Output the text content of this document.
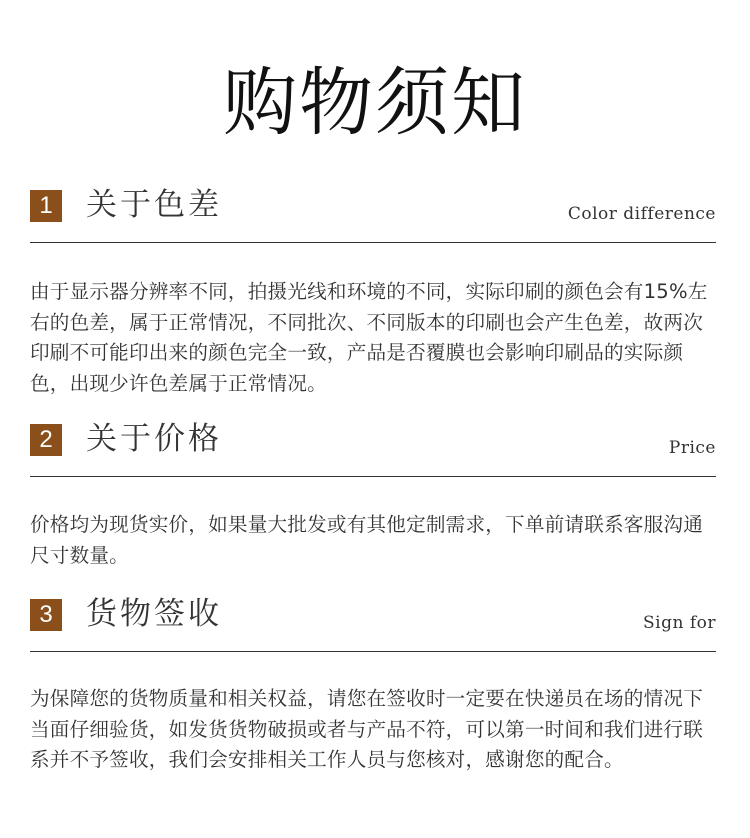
购物须知
1	关于色差	Color difference
由于显示器分辨率不同，拍摄光线和环境的不同，实际印刷的颜色会有15%左右的色差，属于正常情况，不同批次、不同版本的印刷也会产生色差，故两次印刷不可能印出来的颜色完全一致，产品是否覆膜也会影响印刷品的实际颜色，出现少许色差属于正常情况。
2	关于价格	Price
价格均为现货实价，如果量大批发或有其他定制需求，下单前请联系客服沟通尺寸数量。
3	货物签收	Sign for
为保障您的货物质量和相关权益，请您在签收时一定要在快递员在场的情况下当面仔细验货，如发货货物破损或者与产品不符，可以第一时间和我们进行联系并不予签收，我们会安排相关工作人员与您核对，感谢您的配合。
